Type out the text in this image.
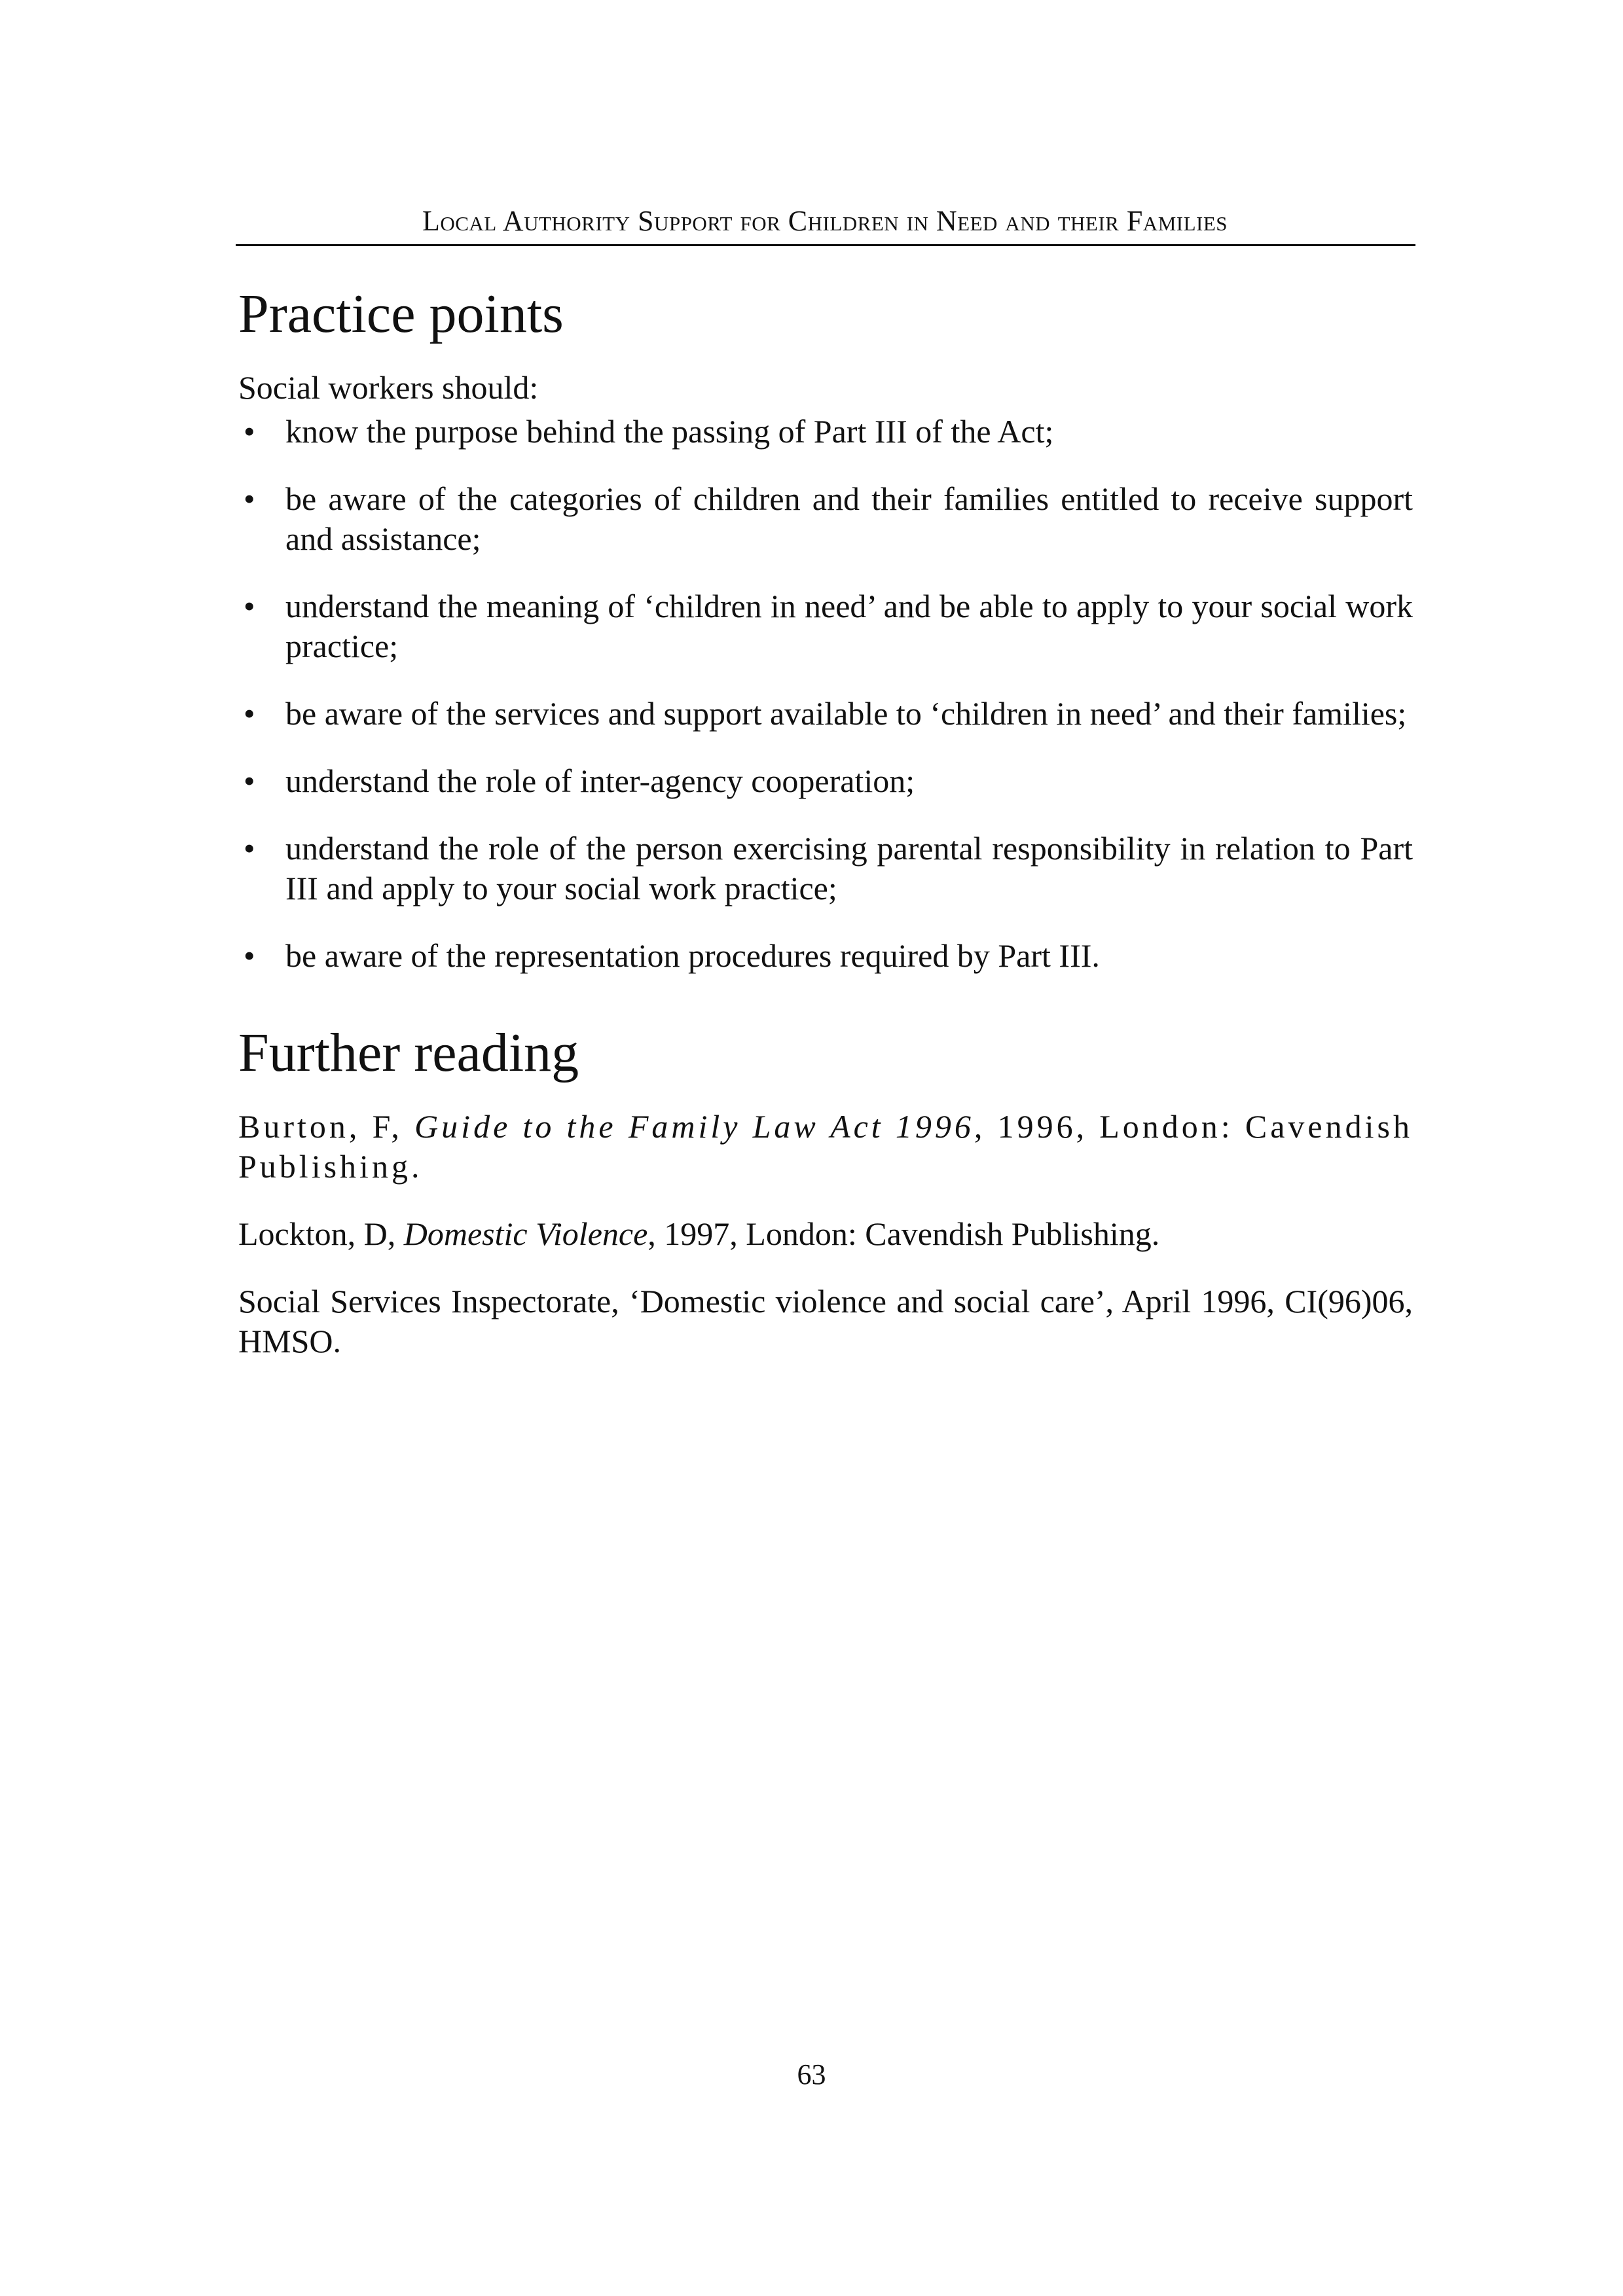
Local Authority Support for Children in Need and their Families
Practice points

Social workers should:

• know the purpose behind the passing of Part III of the Act;
• be aware of the categories of children and their families entitled to receive support and assistance;
• understand the meaning of ‘children in need’ and be able to apply to your social work practice;
• be aware of the services and support available to ‘children in need’ and their families;
• understand the role of inter-agency cooperation;
• understand the role of the person exercising parental responsibility in relation to Part III and apply to your social work practice;
• be aware of the representation procedures required by Part III.
Further reading

Burton, F, Guide to the Family Law Act 1996, 1996, London: Cavendish Publishing.

Lockton, D, Domestic Violence, 1997, London: Cavendish Publishing.

Social Services Inspectorate, ‘Domestic violence and social care’, April 1996, CI(96)06, HMSO.

63
